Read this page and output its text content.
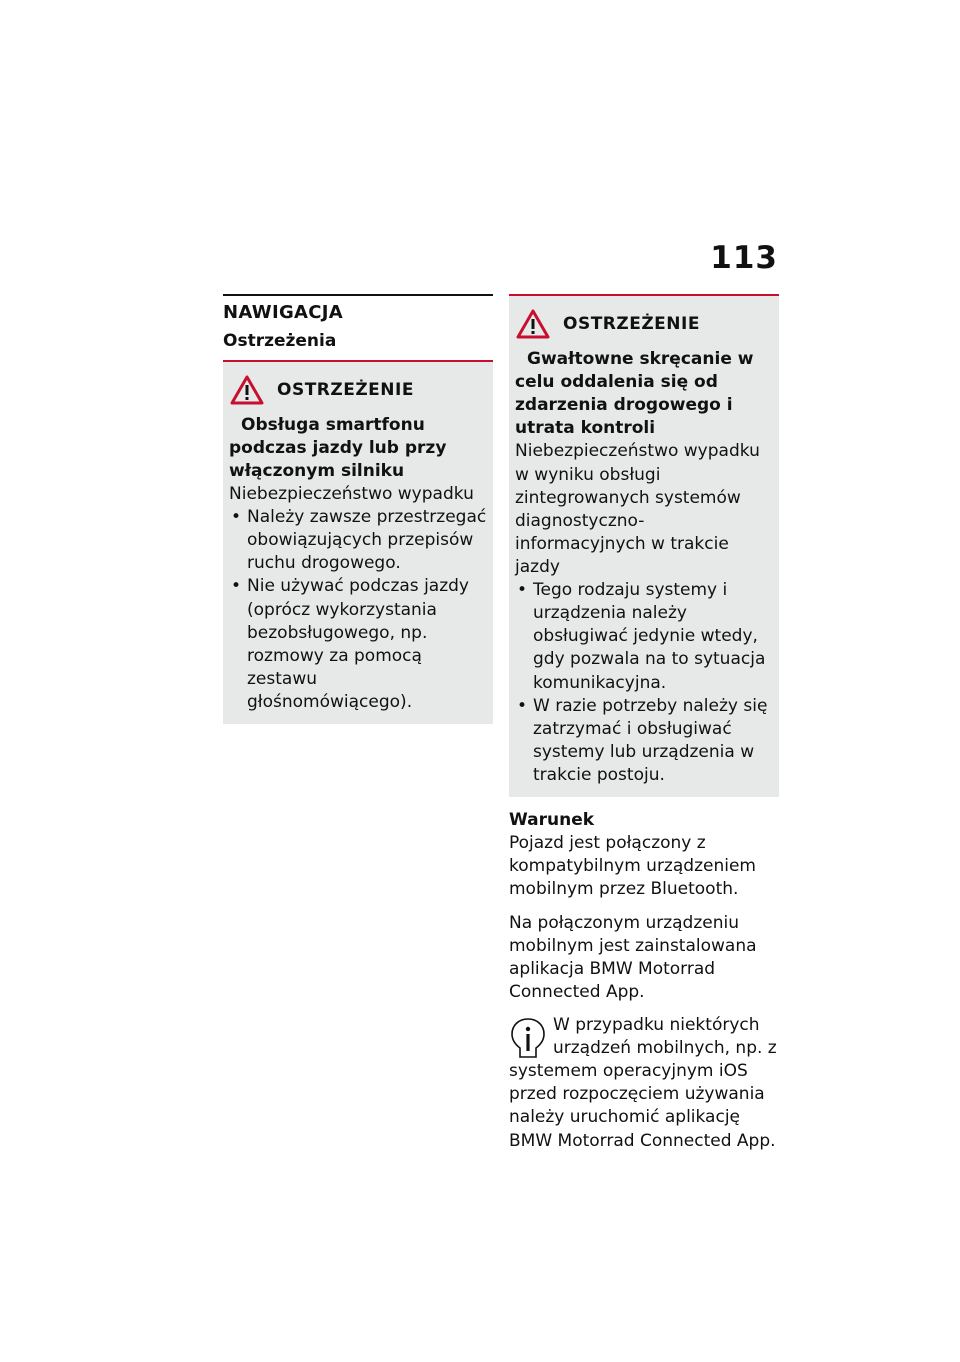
113
NAWIGACJA
Ostrzeżenia
OSTRZEŻENIE

Obsługa smartfonu podczas jazdy lub przy włączonym silniku

Niebezpieczeństwo wypadku

• Należy zawsze przestrzegać obowiązujących przepisów ruchu drogowego.
• Nie używać podczas jazdy (oprócz wykorzystania bezobsługowego, np. rozmowy za pomocą zestawu głośnomówiącego).
OSTRZEŻENIE

Gwałtowne skręcanie w celu oddalenia się od zdarzenia drogowego i utrata kontroli

Niebezpieczeństwo wypadku w wyniku obsługi zintegrowanych systemów diagnostyczno-informacyjnych w trakcie jazdy

• Tego rodzaju systemy i urządzenia należy obsługiwać jedynie wtedy, gdy pozwala na to sytuacja komunikacyjna.
• W razie potrzeby należy się zatrzymać i obsługiwać systemy lub urządzenia w trakcie postoju.
Warunek

Pojazd jest połączony z kompatybilnym urządzeniem mobilnym przez Bluetooth.

Na połączonym urządzeniu mobilnym jest zainstalowana aplikacja BMW Motorrad Connected App.

W przypadku niektórych urządzeń mobilnych, np. z systemem operacyjnym iOS przed rozpoczęciem używania należy uruchomić aplikację BMW Motorrad Connected App.
